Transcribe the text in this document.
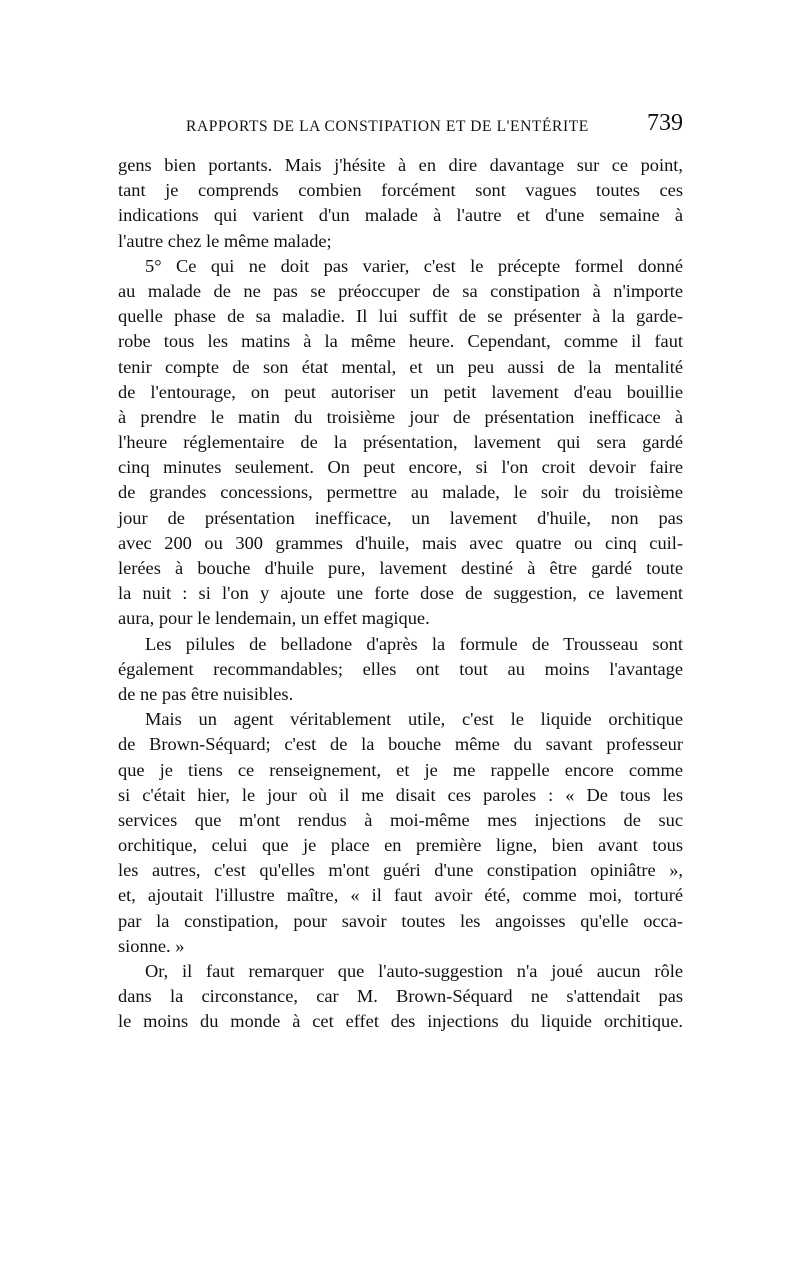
RAPPORTS DE LA CONSTIPATION ET DE L'ENTÉRITE 739
gens bien portants. Mais j'hésite à en dire davantage sur ce point,
tant je comprends combien forcément sont vagues toutes ces
indications qui varient d'un malade à l'autre et d'une semaine à
l'autre chez le même malade;
5° Ce qui ne doit pas varier, c'est le précepte formel donné
au malade de ne pas se préoccuper de sa constipation à n'importe
quelle phase de sa maladie. Il lui suffit de se présenter à la garde-
robe tous les matins à la même heure. Cependant, comme il faut
tenir compte de son état mental, et un peu aussi de la mentalité
de l'entourage, on peut autoriser un petit lavement d'eau bouillie
à prendre le matin du troisième jour de présentation inefficace à
l'heure réglementaire de la présentation, lavement qui sera gardé
cinq minutes seulement. On peut encore, si l'on croit devoir faire
de grandes concessions, permettre au malade, le soir du troisième
jour de présentation inefficace, un lavement d'huile, non pas
avec 200 ou 300 grammes d'huile, mais avec quatre ou cinq cuil-
lerées à bouche d'huile pure, lavement destiné à être gardé toute
la nuit : si l'on y ajoute une forte dose de suggestion, ce lavement
aura, pour le lendemain, un effet magique.
Les pilules de belladone d'après la formule de Trousseau sont
également recommandables; elles ont tout au moins l'avantage
de ne pas être nuisibles.
Mais un agent véritablement utile, c'est le liquide orchitique
de Brown-Séquard; c'est de la bouche même du savant professeur
que je tiens ce renseignement, et je me rappelle encore comme
si c'était hier, le jour où il me disait ces paroles : « De tous les
services que m'ont rendus à moi-même mes injections de suc
orchitique, celui que je place en première ligne, bien avant tous
les autres, c'est qu'elles m'ont guéri d'une constipation opiniâtre »,
et, ajoutait l'illustre maître, « il faut avoir été, comme moi, torturé
par la constipation, pour savoir toutes les angoisses qu'elle occa-
sionne. »
Or, il faut remarquer que l'auto-suggestion n'a joué aucun rôle
dans la circonstance, car M. Brown-Séquard ne s'attendait pas
le moins du monde à cet effet des injections du liquide orchitique.
